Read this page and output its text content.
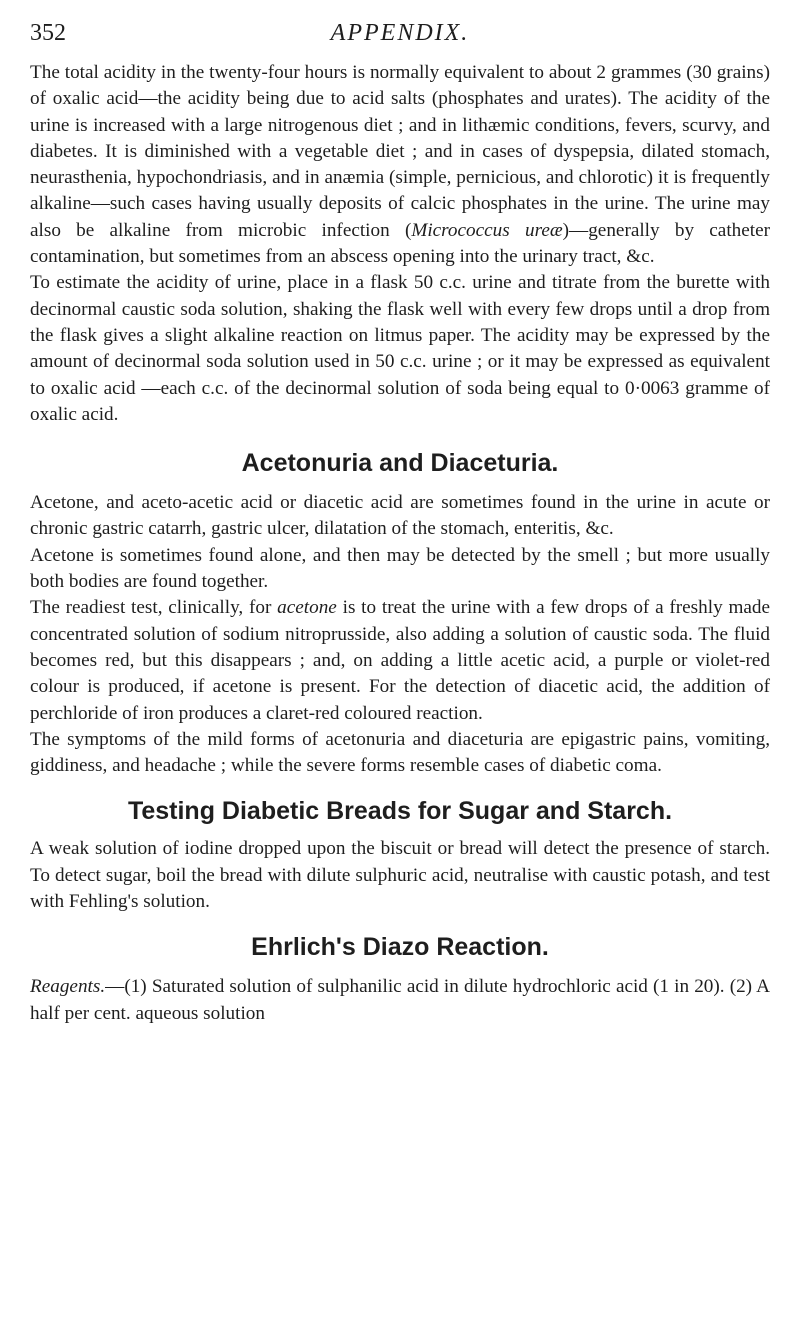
352	APPENDIX.

The total acidity in the twenty-four hours is normally equivalent to about 2 grammes (30 grains) of oxalic acid—the acidity being due to acid salts (phosphates and urates). The acidity of the urine is increased with a large nitrogenous diet ; and in lithæmic conditions, fevers, scurvy, and diabetes. It is diminished with a vegetable diet ; and in cases of dyspepsia, dilated stomach, neurasthenia, hypochondriasis, and in anæmia (simple, pernicious, and chlorotic) it is frequently alkaline—such cases having usually deposits of calcic phosphates in the urine. The urine may also be alkaline from microbic infection (Micrococcus ureæ)—generally by catheter contamination, but sometimes from an abscess opening into the urinary tract, &c.

To estimate the acidity of urine, place in a flask 50 c.c. urine and titrate from the burette with decinormal caustic soda solution, shaking the flask well with every few drops until a drop from the flask gives a slight alkaline reaction on litmus paper. The acidity may be expressed by the amount of decinormal soda solution used in 50 c.c. urine ; or it may be expressed as equivalent to oxalic acid —each c.c. of the decinormal solution of soda being equal to 0·0063 gramme of oxalic acid.

Acetonuria and Diaceturia.

Acetone, and aceto-acetic acid or diacetic acid are sometimes found in the urine in acute or chronic gastric catarrh, gastric ulcer, dilatation of the stomach, enteritis, &c.

Acetone is sometimes found alone, and then may be detected by the smell ; but more usually both bodies are found together.

The readiest test, clinically, for acetone is to treat the urine with a few drops of a freshly made concentrated solution of sodium nitroprusside, also adding a solution of caustic soda. The fluid becomes red, but this disappears ; and, on adding a little acetic acid, a purple or violet-red colour is produced, if acetone is present. For the detection of diacetic acid, the addition of perchloride of iron produces a claret-red coloured reaction.

The symptoms of the mild forms of acetonuria and diaceturia are epigastric pains, vomiting, giddiness, and headache ; while the severe forms resemble cases of diabetic coma.

Testing Diabetic Breads for Sugar and Starch.

A weak solution of iodine dropped upon the biscuit or bread will detect the presence of starch. To detect sugar, boil the bread with dilute sulphuric acid, neutralise with caustic potash, and test with Fehling's solution.

Ehrlich's Diazo Reaction.

Reagents.—(1) Saturated solution of sulphanilic acid in dilute hydrochloric acid (1 in 20). (2) A half per cent. aqueous solution
